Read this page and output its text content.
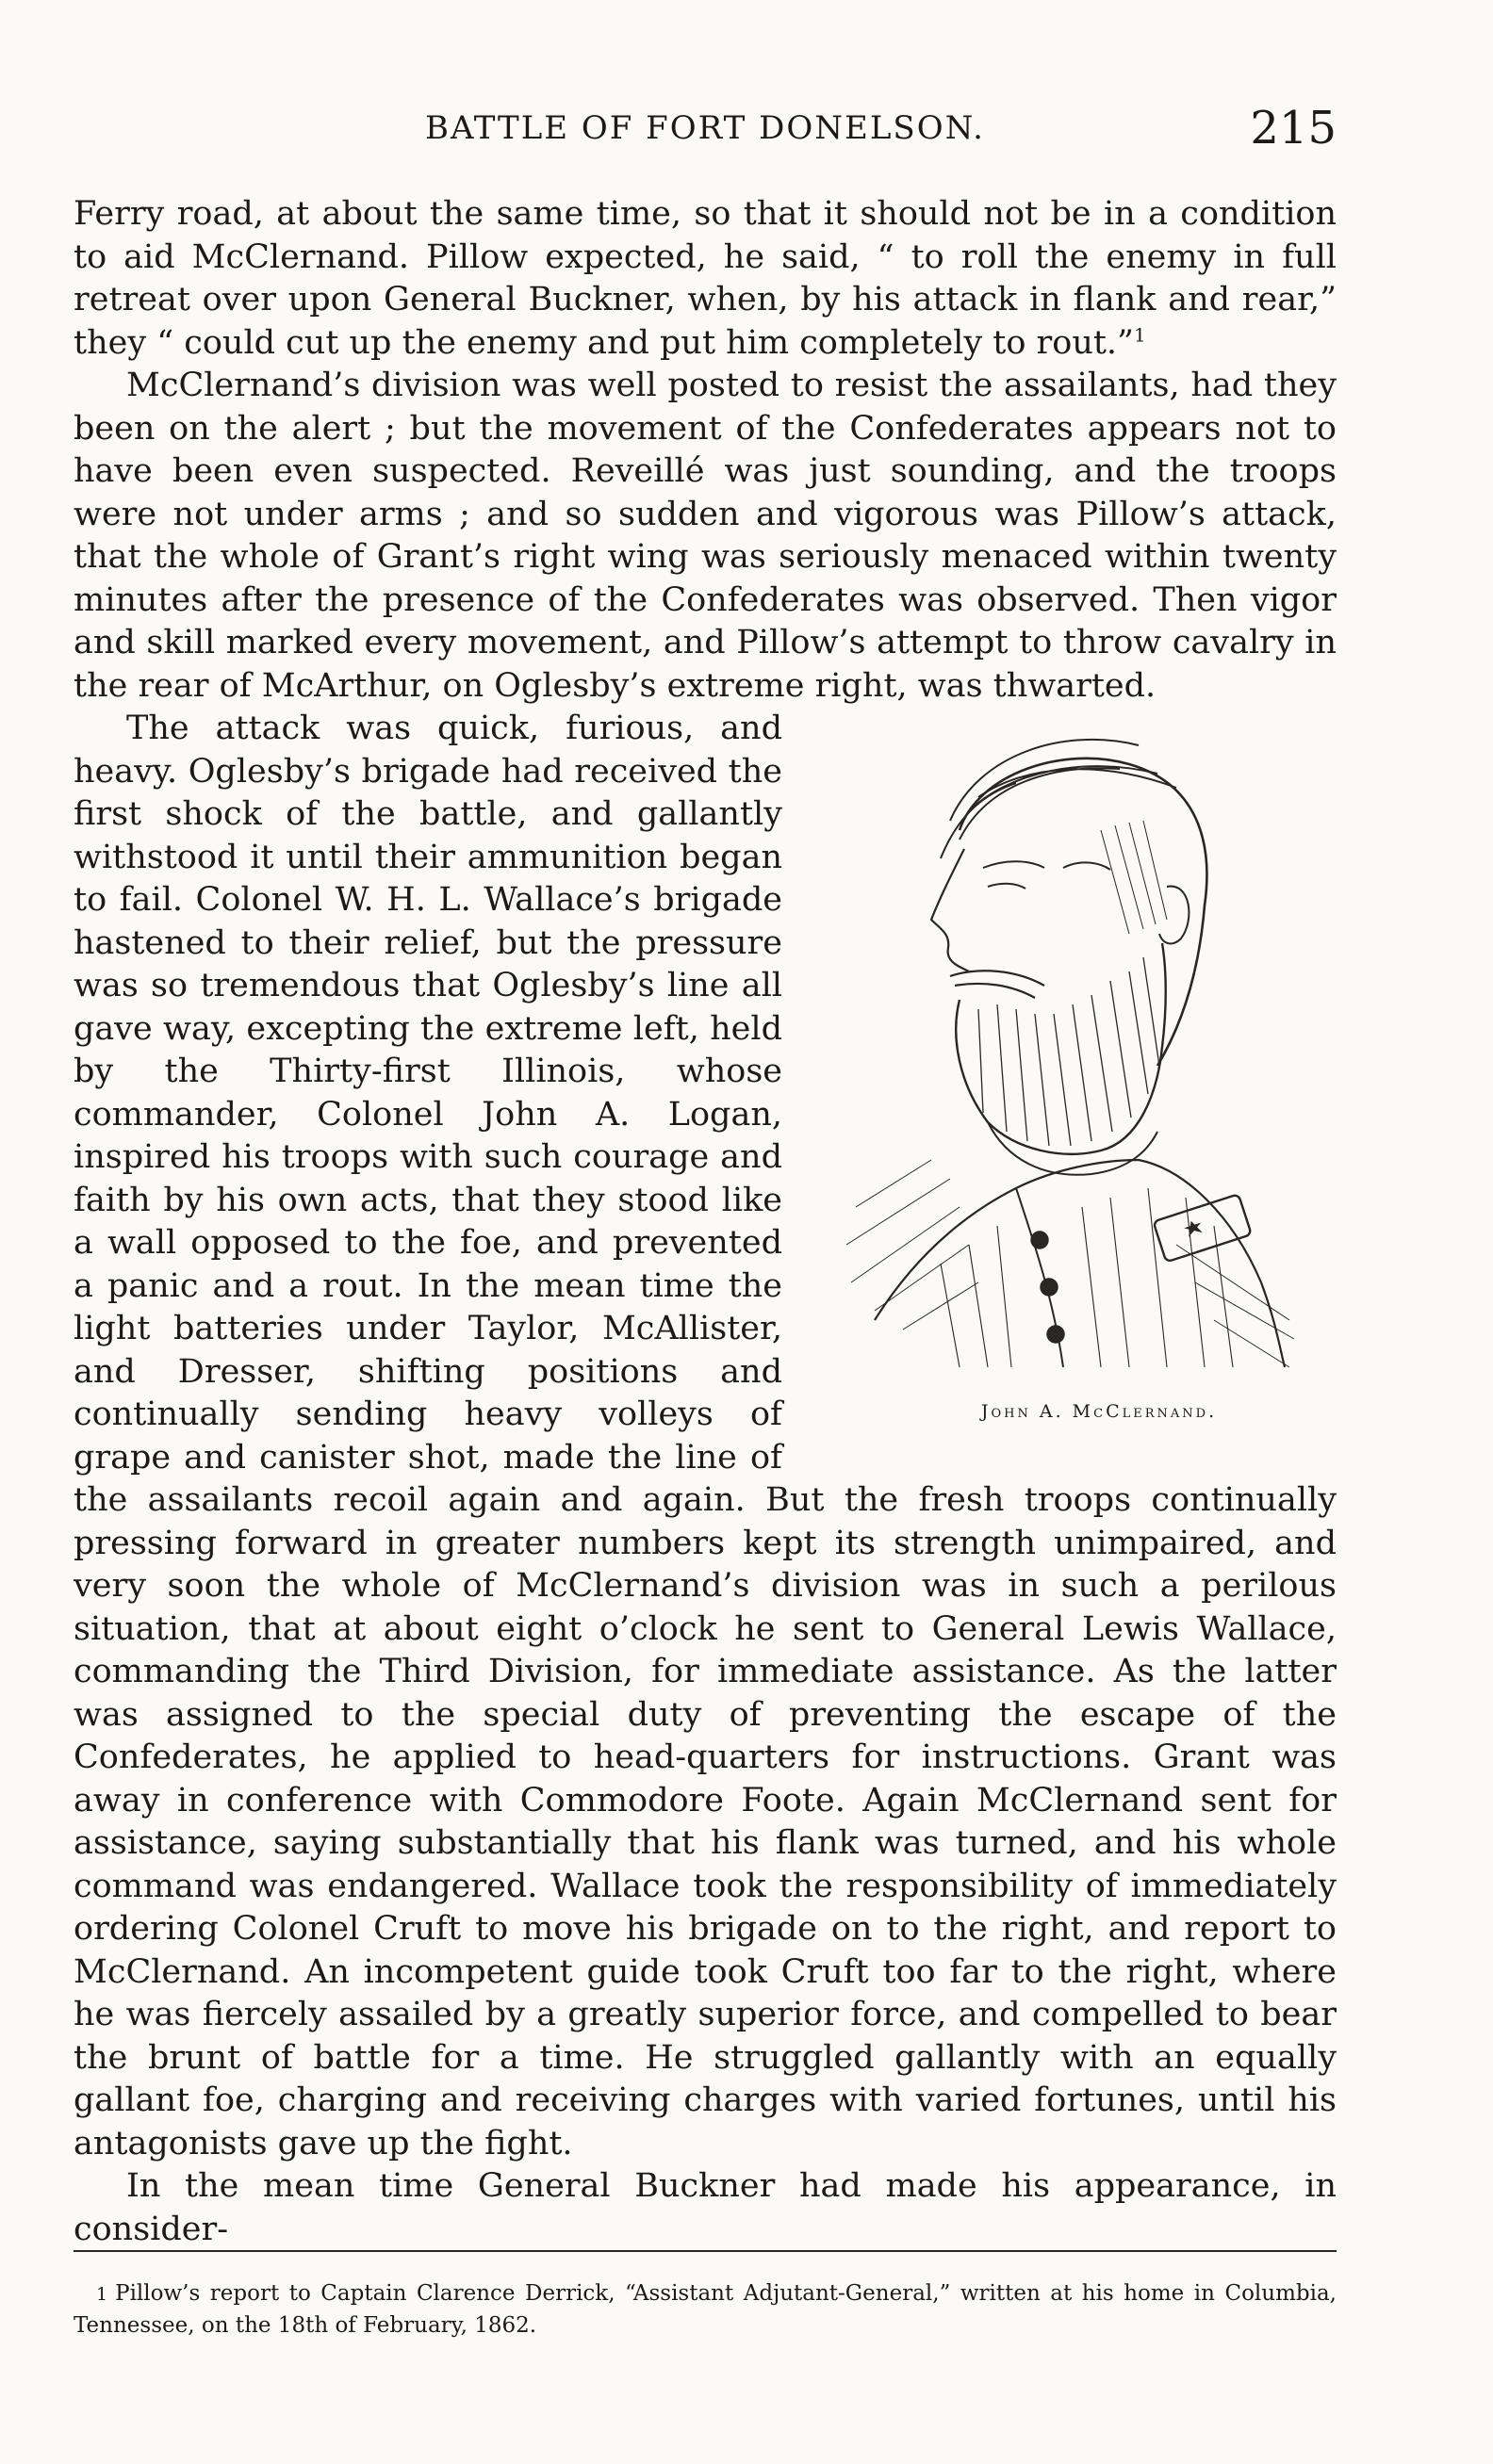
BATTLE OF FORT DONELSON.	215

Ferry road, at about the same time, so that it should not be in a condition to aid McClernand. Pillow expected, he said, “ to roll the enemy in full retreat over upon General Buckner, when, by his attack in flank and rear,” they “ could cut up the enemy and put him completely to rout.”$^1$

McClernand’s division was well posted to resist the assailants, had they been on the alert ; but the movement of the Confederates appears not to have been even suspected. Reveillé was just sounding, and the troops were not under arms ; and so sudden and vigorous was Pillow’s attack, that the whole of Grant’s right wing was seriously menaced within twenty minutes after the presence of the Confederates was observed. Then vigor and skill marked every movement, and Pillow’s attempt to throw cavalry in the rear of McArthur, on Oglesby’s extreme right, was thwarted.

John A. McClernand.
The attack was quick, furious, and heavy. Oglesby’s brigade had received the first shock of the battle, and gallantly withstood it until their ammunition began to fail. Colonel W. H. L. Wallace’s brigade hastened to their relief, but the pressure was so tremendous that Oglesby’s line all gave way, excepting the extreme left, held by the Thirty-first Illinois, whose commander, Colonel John A. Logan, inspired his troops with such courage and faith by his own acts, that they stood like a wall opposed to the foe, and prevented a panic and a rout. In the mean time the light batteries under Taylor, McAllister, and Dresser, shifting positions and continually sending heavy volleys of grape and canister shot, made the line of the assailants recoil again and again. But the fresh troops continually pressing forward in greater numbers kept its strength unimpaired, and very soon the whole of McClernand’s division was in such a perilous situation, that at about eight o’clock he sent to General Lewis Wallace, commanding the Third Division, for immediate assistance. As the latter was assigned to the special duty of preventing the escape of the Confederates, he applied to head-quarters for instructions. Grant was away in conference with Commodore Foote. Again McClernand sent for assistance, saying substantially that his flank was turned, and his whole command was endangered. Wallace took the responsibility of immediately ordering Colonel Cruft to move his brigade on to the right, and report to McClernand. An incompetent guide took Cruft too far to the right, where he was fiercely assailed by a greatly superior force, and compelled to bear the brunt of battle for a time. He struggled gallantly with an equally gallant foe, charging and receiving charges with varied fortunes, until his antagonists gave up the fight.

In the mean time General Buckner had made his appearance, in consider-

1 Pillow’s report to Captain Clarence Derrick, “Assistant Adjutant-General,” written at his home in Columbia, Tennessee, on the 18th of February, 1862.
